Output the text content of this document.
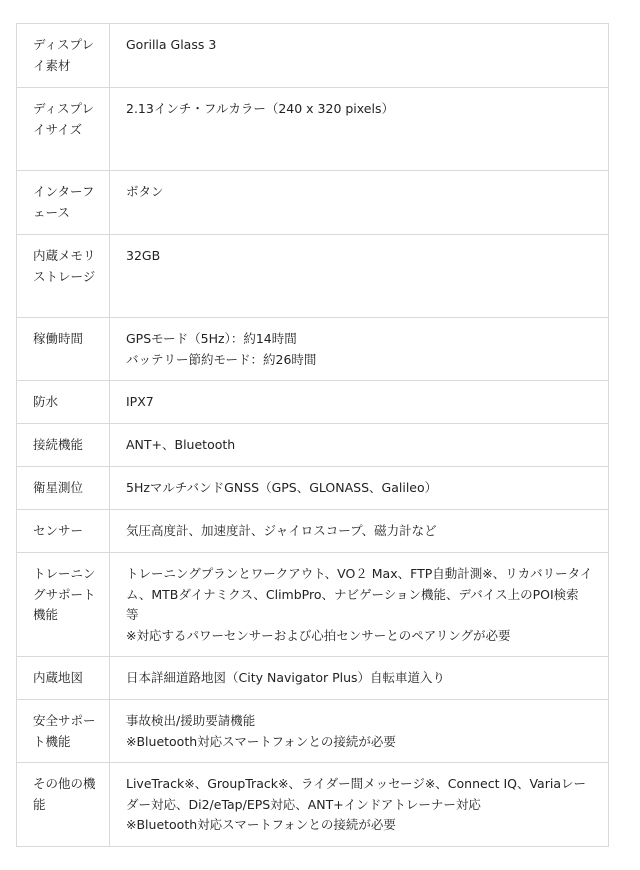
ディスプレイ素材	Gorilla Glass 3

ディスプレイサイズ	2.13インチ・フルカラー（240 x 320 pixels）

インターフェース	ボタン

内蔵メモリストレージ	32GB

稼働時間	GPSモード（5Hz）：約14時間
バッテリー節約モード：約26時間

防水	IPX7

接続機能	ANT+、Bluetooth

衛星測位	5HzマルチバンドGNSS（GPS、GLONASS、Galileo）

センサー	気圧高度計、加速度計、ジャイロスコープ、磁力計など

トレーニングサポート機能	トレーニングプランとワークアウト、VO２ Max、FTP自動計測※、リカバリータイム、MTBダイナミクス、ClimbPro、ナビゲーション機能、デバイス上のPOI検索　等
※対応するパワーセンサーおよび心拍センサーとのペアリングが必要

内蔵地図	日本詳細道路地図（City Navigator Plus）自転車道入り

安全サポート機能	事故検出/援助要請機能
※Bluetooth対応スマートフォンとの接続が必要

その他の機能	LiveTrack※、GroupTrack※、ライダー間メッセージ※、Connect IQ、Variaレーダー対応、Di2/eTap/EPS対応、ANT+インドアトレーナー対応
※Bluetooth対応スマートフォンとの接続が必要
